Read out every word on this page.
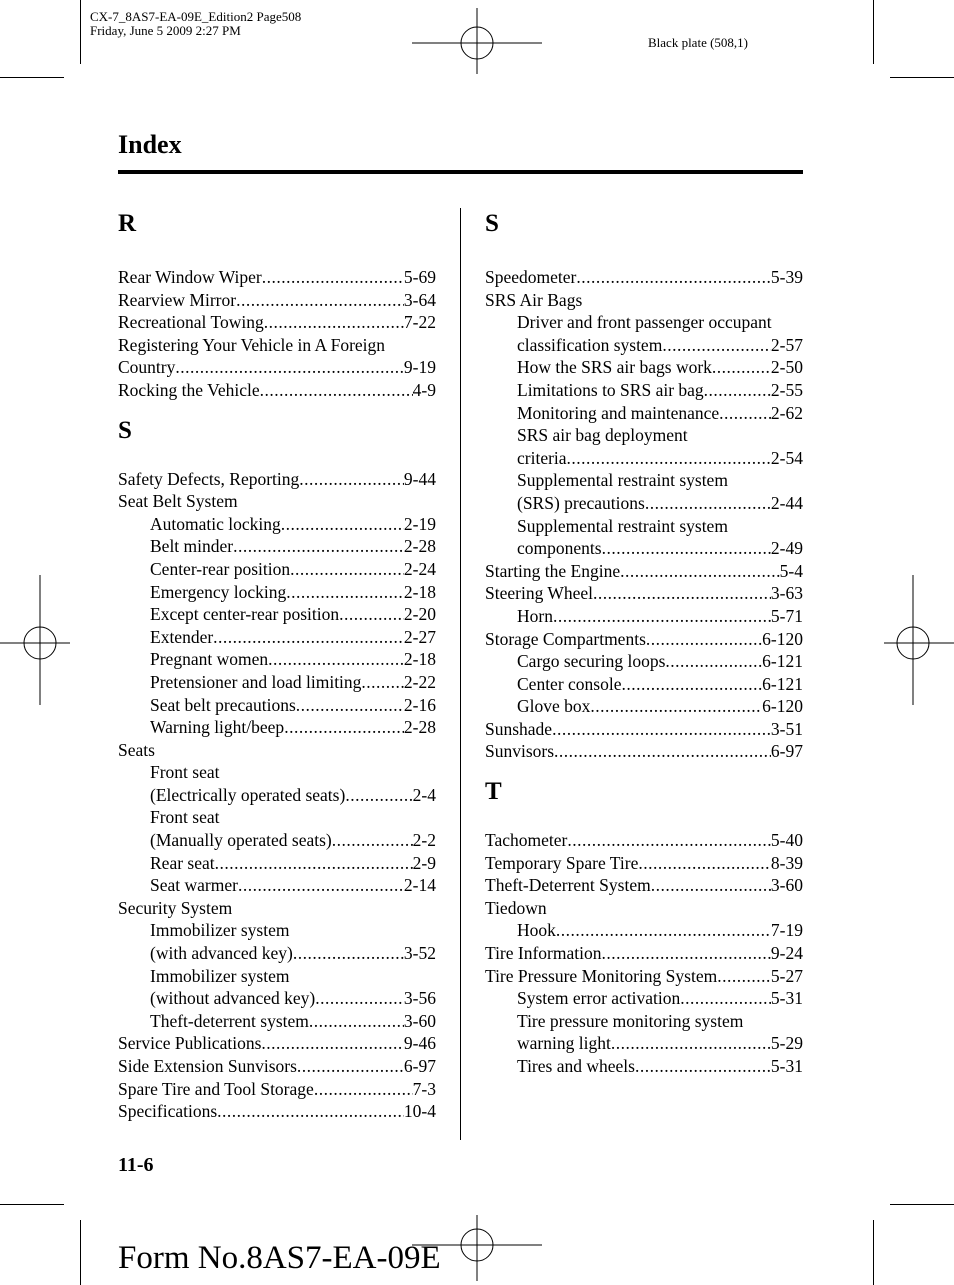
CX-7_8AS7-EA-09E_Edition2 Page508
Friday, June 5 2009 2:27 PM
Black plate (508,1)
Index
R
Rear Window Wiper .....	5-69
Rearview Mirror .....	3-64
Recreational Towing .....	7-22
Registering Your Vehicle in A Foreign
Country .....	9-19
Rocking the Vehicle .....	4-9
S
Safety Defects, Reporting .....	9-44
Seat Belt System
Automatic locking .....	2-19
Belt minder .....	2-28
Center-rear position .....	2-24
Emergency locking .....	2-18
Except center-rear position .....	2-20
Extender .....	2-27
Pregnant women .....	2-18
Pretensioner and load limiting ..... 2-22
Seat belt precautions .....	2-16
Warning light/beep .....	2-28
Seats
Front seat
(Electrically operated seats) .....	2-4
Front seat
(Manually operated seats) .....	2-2
Rear seat .....	2-9
Seat warmer .....	2-14
Security System
Immobilizer system
(with advanced key) .....	3-52
Immobilizer system
(without advanced key) .....	3-56
Theft-deterrent system .....	3-60
Service Publications .....	9-46
Side Extension Sunvisors .....	6-97
Spare Tire and Tool Storage .....	7-3
Specifications .....	10-4
S
Speedometer .....	5-39
SRS Air Bags
Driver and front passenger occupant
classification system .....	2-57
How the SRS air bags work .....	2-50
Limitations to SRS air bag .....	2-55
Monitoring and maintenance .....	2-62
SRS air bag deployment
criteria .....	2-54
Supplemental restraint system
(SRS) precautions .....	2-44
Supplemental restraint system
components .....	2-49
Starting the Engine .....	5-4
Steering Wheel .....	3-63
Horn .....	5-71
Storage Compartments .....	6-120
Cargo securing loops .....	6-121
Center console .....	6-121
Glove box .....	6-120
Sunshade .....	3-51
Sunvisors .....	6-97
T
Tachometer .....	5-40
Temporary Spare Tire .....	8-39
Theft-Deterrent System .....	3-60
Tiedown
Hook .....	7-19
Tire Information .....	9-24
Tire Pressure Monitoring System .....	5-27
System error activation .....	5-31
Tire pressure monitoring system
warning light .....	5-29
Tires and wheels .....	5-31
11-6
Form No.8AS7-EA-09E
